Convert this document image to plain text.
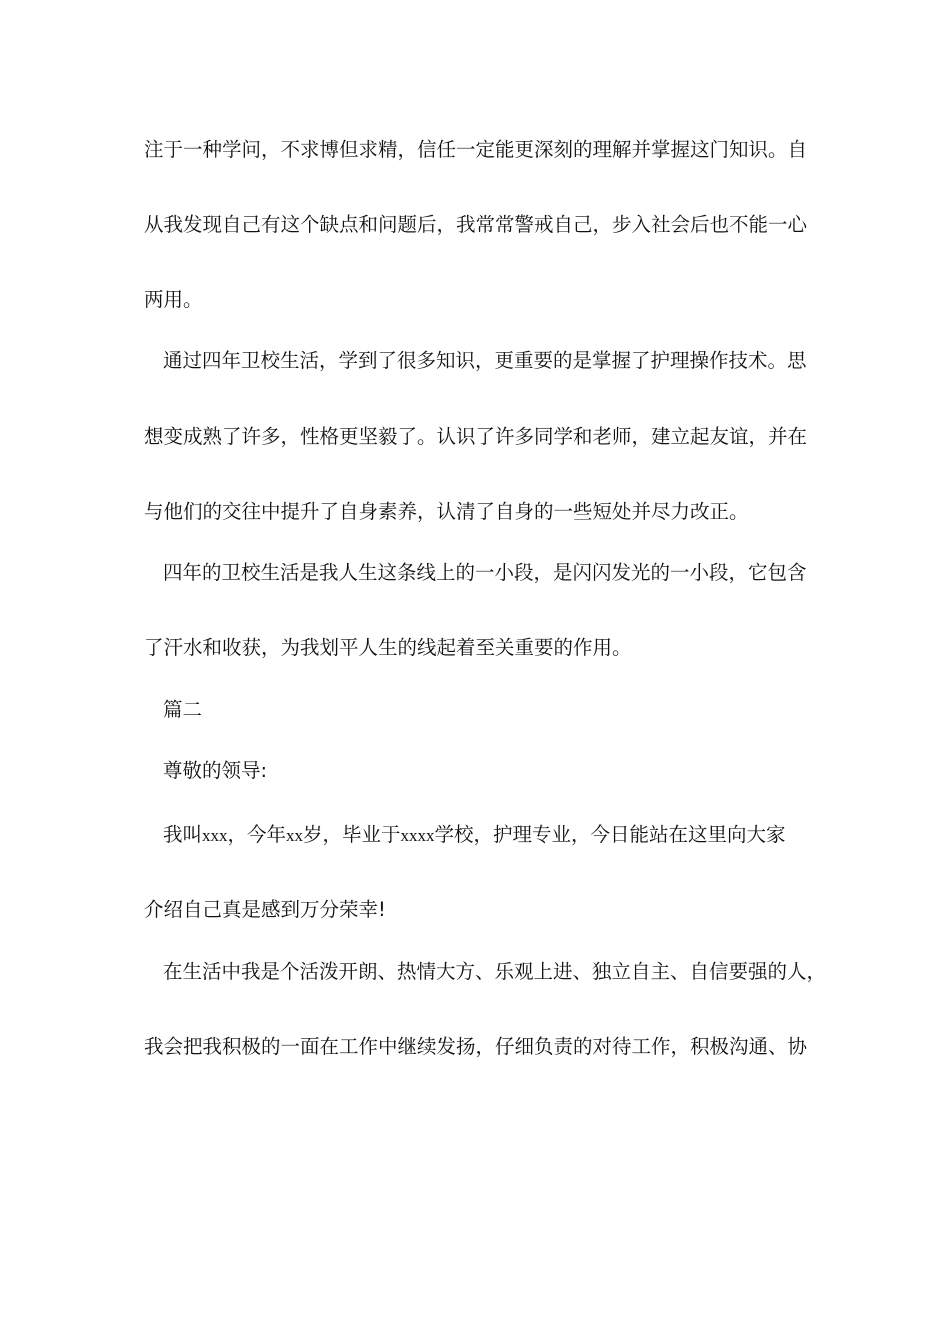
注于一种学问，不求博但求精，信任一定能更深刻的理解并掌握这门知识。自
从我发现自己有这个缺点和问题后，我常常警戒自己，步入社会后也不能一心
两用。
通过四年卫校生活，学到了很多知识，更重要的是掌握了护理操作技术。思
想变成熟了许多，性格更坚毅了。认识了许多同学和老师，建立起友谊，并在
与他们的交往中提升了自身素养，认清了自身的一些短处并尽力改正。
四年的卫校生活是我人生这条线上的一小段，是闪闪发光的一小段，它包含
了汗水和收获，为我划平人生的线起着至关重要的作用。
篇二
尊敬的领导:
我叫xxx，今年xx岁，毕业于xxxx学校，护理专业，今日能站在这里向大家
介绍自己真是感到万分荣幸!
在生活中我是个活泼开朗、热情大方、乐观上进、独立自主、自信要强的人，
我会把我积极的一面在工作中继续发扬，仔细负责的对待工作，积极沟通、协
